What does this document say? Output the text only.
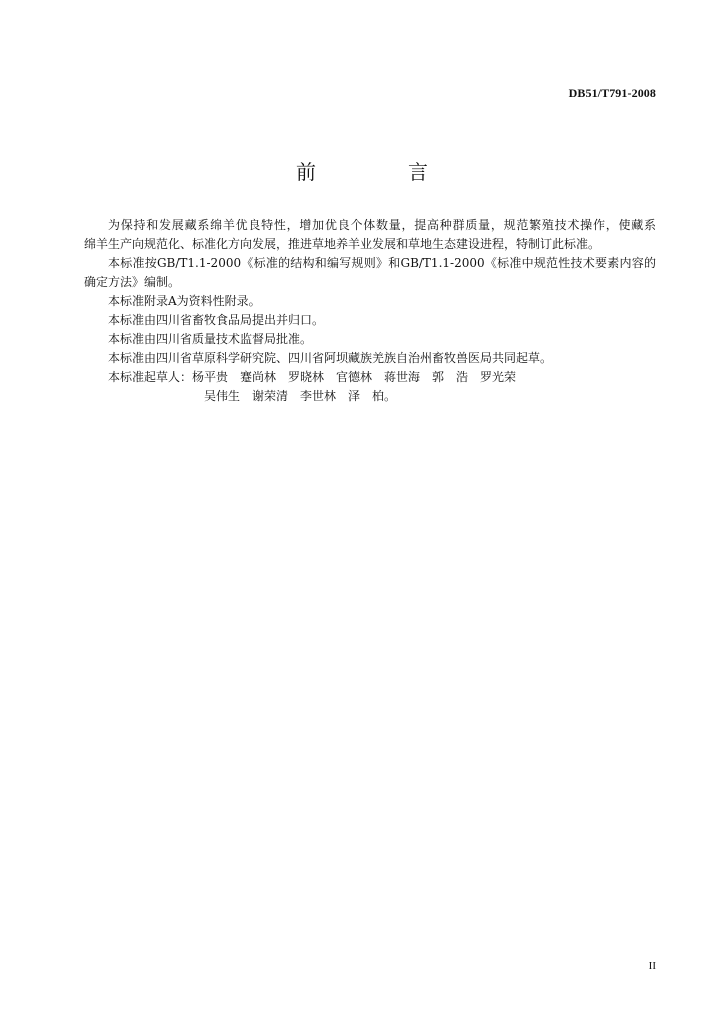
DB51/T791-2008
前　言
为保持和发展藏系绵羊优良特性，增加优良个体数量，提高种群质量，规范繁殖技术操作，使藏系
绵羊生产向规范化、标准化方向发展，推进草地养羊业发展和草地生态建设进程，特制订此标准。
本标准按GB/T1.1-2000《标准的结构和编写规则》和GB/T1.1-2000《标准中规范性技术要素内容的
确定方法》编制。
本标准附录A为资料性附录。
本标准由四川省畜牧食品局提出并归口。
本标准由四川省质量技术监督局批准。
本标准由四川省草原科学研究院、四川省阿坝藏族羌族自治州畜牧兽医局共同起草。
本标准起草人：杨平贵　蹇尚林　罗晓林　官德林　蒋世海　郭　浩　罗光荣
吴伟生　谢荣清　李世林　泽　柏。
II
